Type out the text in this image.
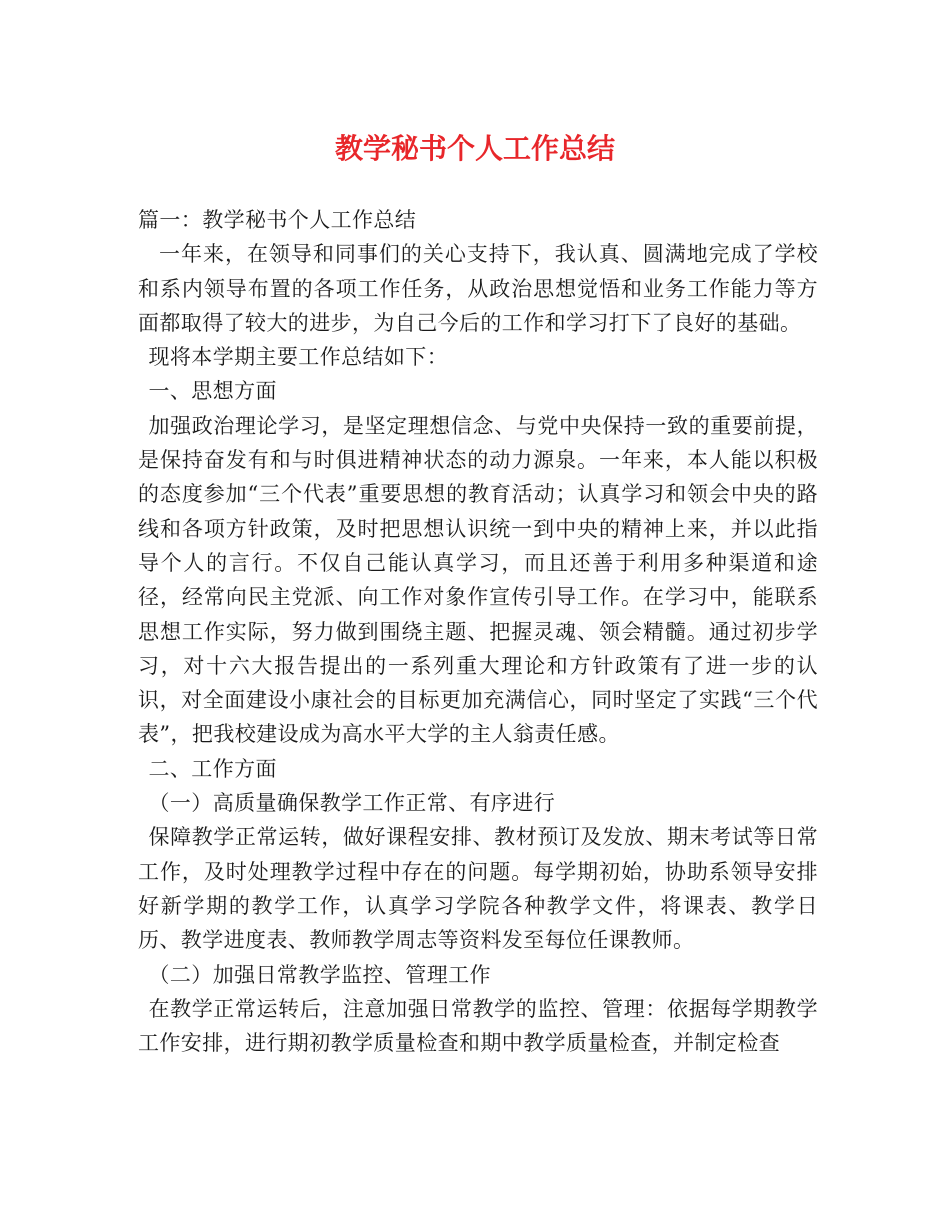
教学秘书个人工作总结

篇一：教学秘书个人工作总结

一年来，在领导和同事们的关心支持下，我认真、圆满地完成了学校和系内领导布置的各项工作任务，从政治思想觉悟和业务工作能力等方面都取得了较大的进步，为自己今后的工作和学习打下了良好的基础。

现将本学期主要工作总结如下：

一、思想方面

加强政治理论学习，是坚定理想信念、与党中央保持一致的重要前提，是保持奋发有和与时俱进精神状态的动力源泉。一年来，本人能以积极的态度参加“三个代表”重要思想的教育活动；认真学习和领会中央的路线和各项方针政策，及时把思想认识统一到中央的精神上来，并以此指导个人的言行。不仅自己能认真学习，而且还善于利用多种渠道和途径，经常向民主党派、向工作对象作宣传引导工作。在学习中，能联系思想工作实际，努力做到围绕主题、把握灵魂、领会精髓。通过初步学习，对十六大报告提出的一系列重大理论和方针政策有了进一步的认识，对全面建设小康社会的目标更加充满信心，同时坚定了实践“三个代表”，把我校建设成为高水平大学的主人翁责任感。

二、工作方面

（一）高质量确保教学工作正常、有序进行

保障教学正常运转，做好课程安排、教材预订及发放、期末考试等日常工作，及时处理教学过程中存在的问题。每学期初始，协助系领导安排好新学期的教学工作，认真学习学院各种教学文件，将课表、教学日历、教学进度表、教师教学周志等资料发至每位任课教师。

（二）加强日常教学监控、管理工作

在教学正常运转后，注意加强日常教学的监控、管理：依据每学期教学工作安排，进行期初教学质量检查和期中教学质量检查，并制定检查
